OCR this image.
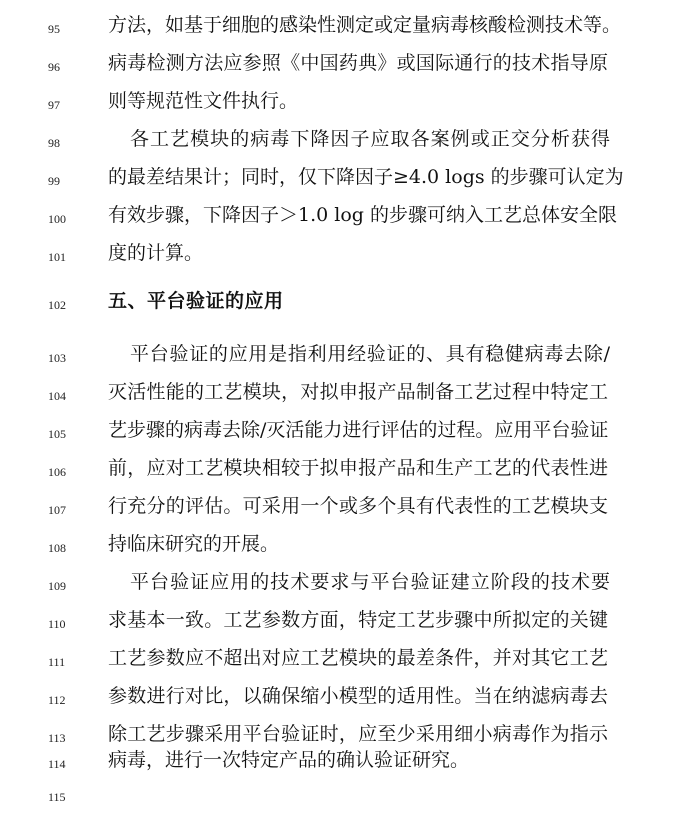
95	方法，如基于细胞的感染性测定或定量病毒核酸检测技术等。
96	病毒检测方法应参照《中国药典》或国际通行的技术指导原
97	则等规范性文件执行。
98	各工艺模块的病毒下降因子应取各案例或正交分析获得
99	的最差结果计；同时，仅下降因子≥4.0 logs 的步骤可认定为
100	有效步骤，下降因子＞1.0 log 的步骤可纳入工艺总体安全限
101	度的计算。
102	五、平台验证的应用
103	平台验证的应用是指利用经验证的、具有稳健病毒去除/
104	灭活性能的工艺模块，对拟申报产品制备工艺过程中特定工
105	艺步骤的病毒去除/灭活能力进行评估的过程。应用平台验证
106	前，应对工艺模块相较于拟申报产品和生产工艺的代表性进
107	行充分的评估。可采用一个或多个具有代表性的工艺模块支
108	持临床研究的开展。
109	平台验证应用的技术要求与平台验证建立阶段的技术要
110	求基本一致。工艺参数方面，特定工艺步骤中所拟定的关键
111	工艺参数应不超出对应工艺模块的最差条件，并对其它工艺
112	参数进行对比，以确保缩小模型的适用性。当在纳滤病毒去
113	除工艺步骤采用平台验证时，应至少采用细小病毒作为指示
114	病毒，进行一次特定产品的确认验证研究。
115
